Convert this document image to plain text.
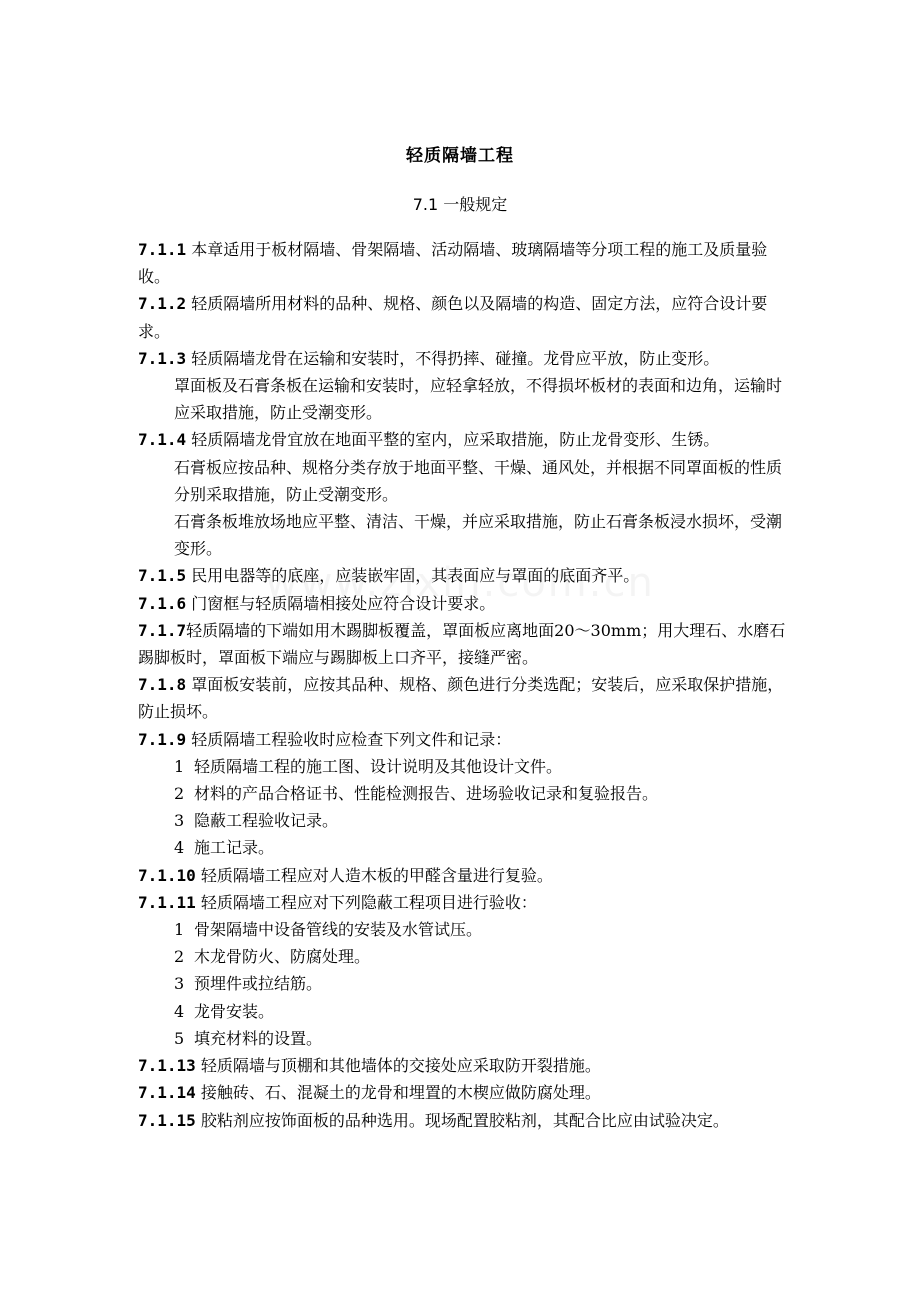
轻质隔墙工程
7.1 一般规定

7.1.1 本章适用于板材隔墙、骨架隔墙、活动隔墙、玻璃隔墙等分项工程的施工及质量验收。

7.1.2 轻质隔墙所用材料的品种、规格、颜色以及隔墙的构造、固定方法，应符合设计要求。

7.1.3 轻质隔墙龙骨在运输和安装时，不得扔摔、碰撞。龙骨应平放，防止变形。

罩面板及石膏条板在运输和安装时，应轻拿轻放，不得损坏板材的表面和边角，运输时应采取措施，防止受潮变形。

7.1.4 轻质隔墙龙骨宜放在地面平整的室内，应采取措施，防止龙骨变形、生锈。

石膏板应按品种、规格分类存放于地面平整、干燥、通风处，并根据不同罩面板的性质分别采取措施，防止受潮变形。

石膏条板堆放场地应平整、清洁、干燥，并应采取措施，防止石膏条板浸水损坏，受潮变形。

7.1.5 民用电器等的底座，应装嵌牢固，其表面应与罩面的底面齐平。

7.1.6 门窗框与轻质隔墙相接处应符合设计要求。

7.1.7轻质隔墙的下端如用木踢脚板覆盖，罩面板应离地面20～30mm；用大理石、水磨石踢脚板时，罩面板下端应与踢脚板上口齐平，接缝严密。

7.1.8 罩面板安装前，应按其品种、规格、颜色进行分类选配；安装后，应采取保护措施，防止损坏。

7.1.9 轻质隔墙工程验收时应检查下列文件和记录：

1 轻质隔墙工程的施工图、设计说明及其他设计文件。

2 材料的产品合格证书、性能检测报告、进场验收记录和复验报告。

3 隐蔽工程验收记录。

4 施工记录。

7.1.10 轻质隔墙工程应对人造木板的甲醛含量进行复验。

7.1.11 轻质隔墙工程应对下列隐蔽工程项目进行验收：

1 骨架隔墙中设备管线的安装及水管试压。

2 木龙骨防火、防腐处理。

3 预埋件或拉结筋。

4 龙骨安装。

5 填充材料的设置。

7.1.13 轻质隔墙与顶棚和其他墙体的交接处应采取防开裂措施。

7.1.14 接触砖、石、混凝土的龙骨和埋置的木楔应做防腐处理。

7.1.15 胶粘剂应按饰面板的品种选用。现场配置胶粘剂，其配合比应由试验决定。
